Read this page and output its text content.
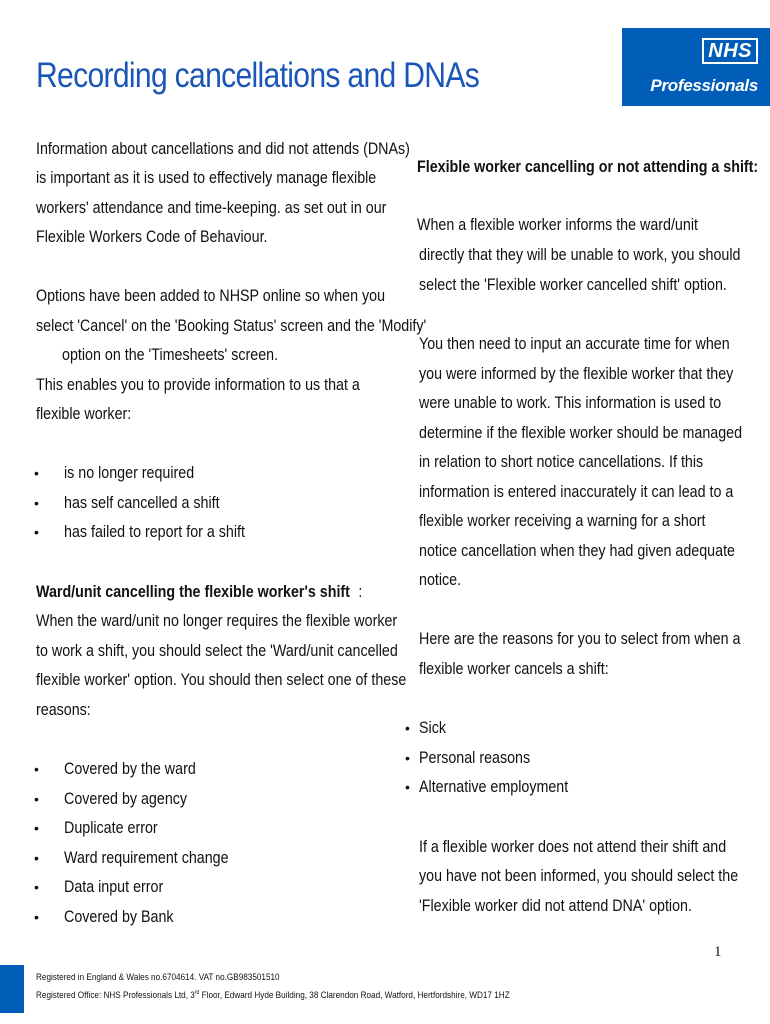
Recording cancellations and DNAs
NHS
Professionals
Information about cancellations and did not attends (DNAs)
is important as it is used to effectively manage flexible
workers' attendance and time-keeping. as set out in our
Flexible Workers Code of Behaviour.
Options have been added to NHSP online so when you
select 'Cancel' on the 'Booking Status' screen and the 'Modify'
option on the 'Timesheets' screen.
This enables you to provide information to us that a
flexible worker:
• is no longer required
• has self cancelled a shift
• has failed to report for a shift
Ward/unit cancelling the flexible worker's shift :
When the ward/unit no longer requires the flexible worker
to work a shift, you should select the 'Ward/unit cancelled
flexible worker' option. You should then select one of these
reasons:
• Covered by the ward
• Covered by agency
• Duplicate error
• Ward requirement change
• Data input error
• Covered by Bank
Flexible worker cancelling or not attending a shift:
When a flexible worker informs the ward/unit
directly that they will be unable to work, you should
select the 'Flexible worker cancelled shift' option.
You then need to input an accurate time for when
you were informed by the flexible worker that they
were unable to work. This information is used to
determine if the flexible worker should be managed
in relation to short notice cancellations. If this
information is entered inaccurately it can lead to a
flexible worker receiving a warning for a short
notice cancellation when they had given adequate
notice.
Here are the reasons for you to select from when a
flexible worker cancels a shift:
• Sick
• Personal reasons
• Alternative employment
If a flexible worker does not attend their shift and
you have not been informed, you should select the
'Flexible worker did not attend DNA' option.
1
Registered in England & Wales no.6704614. VAT no.GB983501510
Registered Office: NHS Professionals Ltd, 3rd Floor, Edward Hyde Building, 38 Clarendon Road, Watford, Hertfordshire, WD17 1HZ
